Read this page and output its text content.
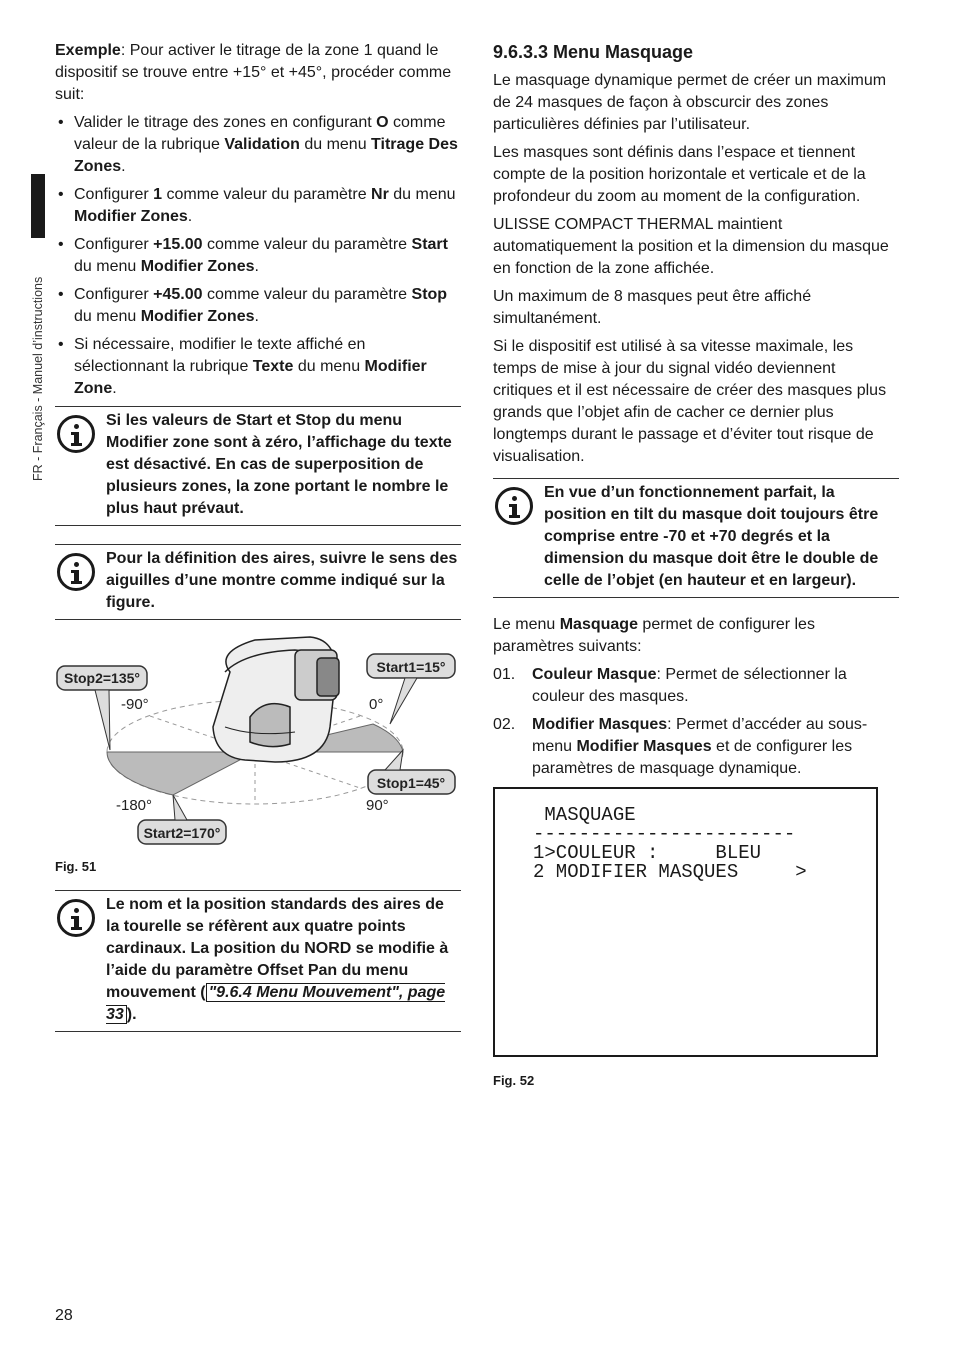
FR - Français - Manuel d’instructions

Exemple: Pour activer le titrage de la zone 1 quand le dispositif se trouve entre +15° et +45°, procéder comme suit:

• Valider le titrage des zones en configurant O comme valeur de la rubrique Validation du menu Titrage Des Zones.
• Configurer 1 comme valeur du paramètre Nr du menu Modifier Zones.
• Configurer +15.00 comme valeur du paramètre Start du menu Modifier Zones.
• Configurer +45.00 comme valeur du paramètre Stop du menu Modifier Zones.
• Si nécessaire, modifier le texte affiché en sélectionnant la rubrique Texte du menu Modifier Zone.
Si les valeurs de Start et Stop du menu Modifier zone sont à zéro, l’affichage du texte est désactivé. En cas de superposition de plusieurs zones, la zone portant le nombre le plus haut prévaut.
Pour la définition des aires, suivre le sens des aiguilles d’une montre comme indiqué sur la figure.
Stop2=135°
Start1=15°
Stop1=45°
Start2=170°
-90°	0°
-180°	90°
Fig. 51
Le nom et la position standards des aires de la tourelle se réfèrent aux quatre points cardinaux. La position du NORD se modifie à l’aide du paramètre Offset Pan du menu mouvement ( "9.6.4 Menu Mouvement", page 33 ).
9.6.3.3 Menu Masquage

Le masquage dynamique permet de créer un maximum de 24 masques de façon à obscurcir des zones particulières définies par l’utilisateur.

Les masques sont définis dans l’espace et tiennent compte de la position horizontale et verticale et de la profondeur du zoom au moment de la configuration.

ULISSE COMPACT THERMAL maintient automatiquement la position et la dimension du masque en fonction de la zone affichée.

Un maximum de 8 masques peut être affiché simultanément.

Si le dispositif est utilisé à sa vitesse maximale, les temps de mise à jour du signal vidéo deviennent critiques et il est nécessaire de créer des masques plus grands que l’objet afin de cacher ce dernier plus longtemps durant le passage et d’éviter tout risque de visualisation.

En vue d’un fonctionnement parfait, la position en tilt du masque doit toujours être comprise entre -70 et +70 degrés et la dimension du masque doit être le double de celle de l’objet (en hauteur et en largeur).

Le menu Masquage permet de configurer les paramètres suivants:

01. Couleur Masque: Permet de sélectionner la couleur des masques.
02. Modifier Masques: Permet d’accéder au sous-menu Modifier Masques et de configurer les paramètres de masquage dynamique.
MASQUAGE
-----------------------
1>COULEUR :     BLEU
2 MODIFIER MASQUES     >
Fig. 52
28
